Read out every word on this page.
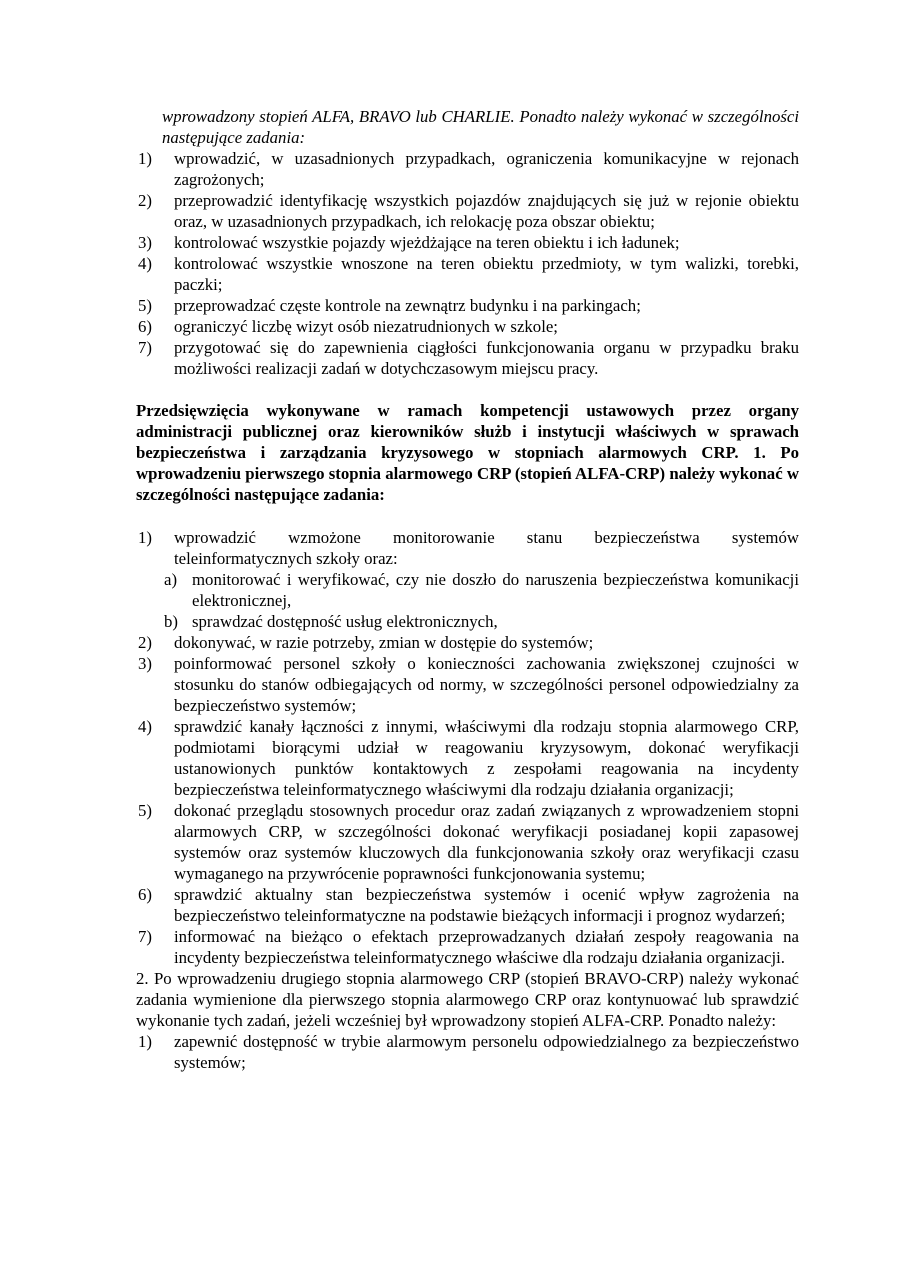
wprowadzony stopień ALFA, BRAVO lub CHARLIE. Ponadto należy wykonać w szczególności następujące zadania:

1) wprowadzić, w uzasadnionych przypadkach, ograniczenia komunikacyjne w rejonach zagrożonych;

2) przeprowadzić identyfikację wszystkich pojazdów znajdujących się już w rejonie obiektu oraz, w uzasadnionych przypadkach, ich relokację poza obszar obiektu;

3) kontrolować wszystkie pojazdy wjeżdżające na teren obiektu i ich ładunek;

4) kontrolować wszystkie wnoszone na teren obiektu przedmioty, w tym walizki, torebki, paczki;

5) przeprowadzać częste kontrole na zewnątrz budynku i na parkingach;

6) ograniczyć liczbę wizyt osób niezatrudnionych w szkole;

7) przygotować się do zapewnienia ciągłości funkcjonowania organu w przypadku braku możliwości realizacji zadań w dotychczasowym miejscu pracy.

Przedsięwzięcia wykonywane w ramach kompetencji ustawowych przez organy administracji publicznej oraz kierowników służb i instytucji właściwych w sprawach bezpieczeństwa i zarządzania kryzysowego w stopniach alarmowych CRP. 1. Po wprowadzeniu pierwszego stopnia alarmowego CRP (stopień ALFA-CRP) należy wykonać w szczególności następujące zadania:

1) wprowadzić wzmożone monitorowanie stanu bezpieczeństwa systemów teleinformatycznych szkoły oraz:

a) monitorować i weryfikować, czy nie doszło do naruszenia bezpieczeństwa komunikacji elektronicznej,

b) sprawdzać dostępność usług elektronicznych,

2) dokonywać, w razie potrzeby, zmian w dostępie do systemów;

3) poinformować personel szkoły o konieczności zachowania zwiększonej czujności w stosunku do stanów odbiegających od normy, w szczególności personel odpowiedzialny za bezpieczeństwo systemów;

4) sprawdzić kanały łączności z innymi, właściwymi dla rodzaju stopnia alarmowego CRP, podmiotami biorącymi udział w reagowaniu kryzysowym, dokonać weryfikacji ustanowionych punktów kontaktowych z zespołami reagowania na incydenty bezpieczeństwa teleinformatycznego właściwymi dla rodzaju działania organizacji;

5) dokonać przeglądu stosownych procedur oraz zadań związanych z wprowadzeniem stopni alarmowych CRP, w szczególności dokonać weryfikacji posiadanej kopii zapasowej systemów oraz systemów kluczowych dla funkcjonowania szkoły oraz weryfikacji czasu wymaganego na przywrócenie poprawności funkcjonowania systemu;

6) sprawdzić aktualny stan bezpieczeństwa systemów i ocenić wpływ zagrożenia na bezpieczeństwo teleinformatyczne na podstawie bieżących informacji i prognoz wydarzeń;

7) informować na bieżąco o efektach przeprowadzanych działań zespoły reagowania na incydenty bezpieczeństwa teleinformatycznego właściwe dla rodzaju działania organizacji.

2. Po wprowadzeniu drugiego stopnia alarmowego CRP (stopień BRAVO-CRP) należy wykonać zadania wymienione dla pierwszego stopnia alarmowego CRP oraz kontynuować lub sprawdzić wykonanie tych zadań, jeżeli wcześniej był wprowadzony stopień ALFA-CRP. Ponadto należy:

1) zapewnić dostępność w trybie alarmowym personelu odpowiedzialnego za bezpieczeństwo systemów;
